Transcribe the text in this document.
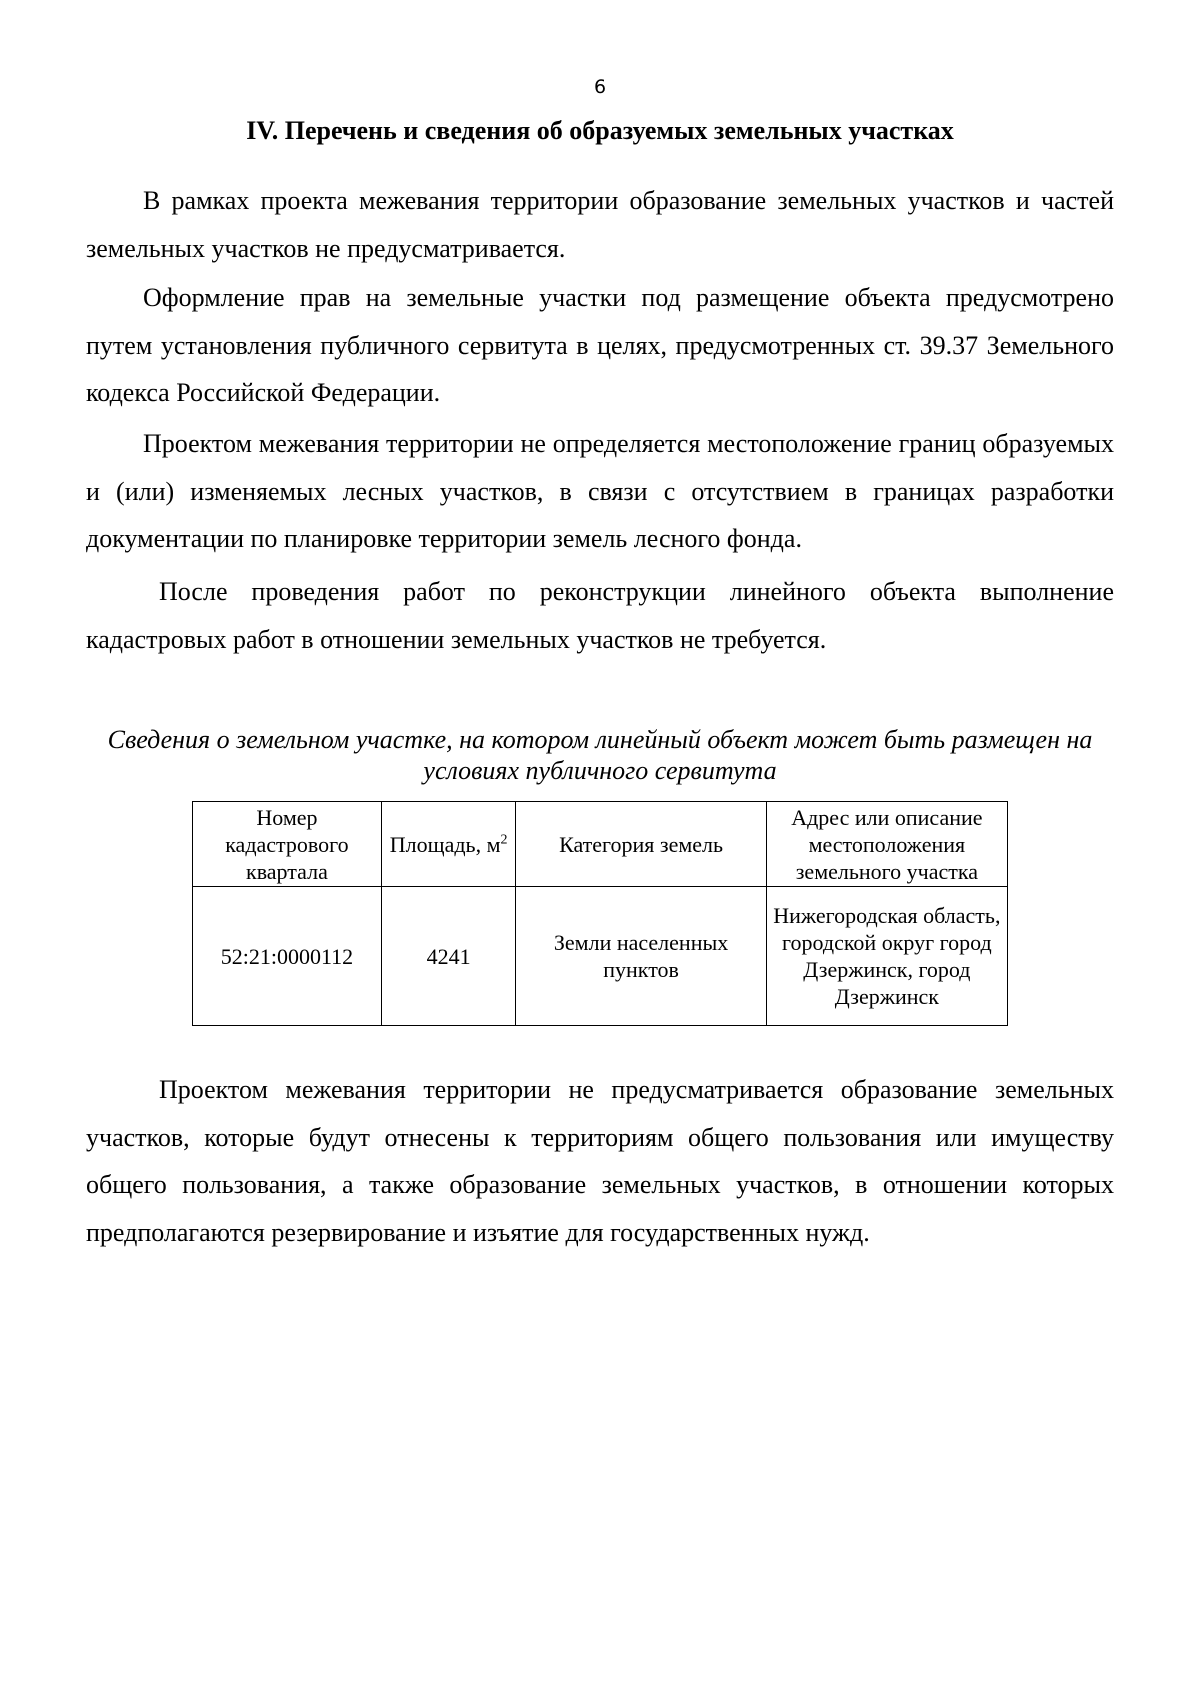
6
IV. Перечень и сведения об образуемых земельных участках

В рамках проекта межевания территории образование земельных участков и частей земельных участков не предусматривается.

Оформление прав на земельные участки под размещение объекта предусмотрено путем установления публичного сервитута в целях, предусмотренных ст. 39.37 Земельного кодекса Российской Федерации.

Проектом межевания территории не определяется местоположение границ образуемых и (или) изменяемых лесных участков, в связи с отсутствием в границах разработки документации по планировке территории земель лесного фонда.

После проведения работ по реконструкции линейного объекта выполнение кадастровых работ в отношении земельных участков не требуется.

Сведения о земельном участке, на котором линейный объект может быть размещен на условиях публичного сервитута

Номер кадастрового квартала	Площадь, $м^2$	Категория земель	Адрес или описание местоположения земельного участка
52:21:0000112	4241	Земли населенных пунктов	Нижегородская область, городской округ город Дзержинск, город Дзержинск

Проектом межевания территории не предусматривается образование земельных участков, которые будут отнесены к территориям общего пользования или имуществу общего пользования, а также образование земельных участков, в отношении которых предполагаются резервирование и изъятие для государственных нужд.
